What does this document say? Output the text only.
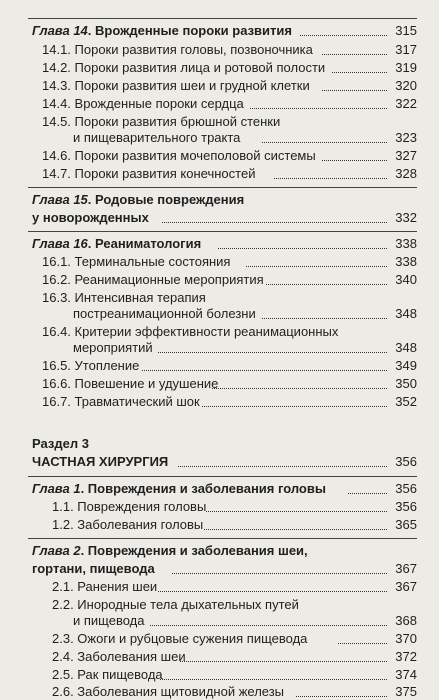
Глава 14. Врожденные пороки развития	315
14.1. Пороки развития головы, позвоночника	317
14.2. Пороки развития лица и ротовой полости	319
14.3. Пороки развития шеи и грудной клетки	320
14.4. Врожденные пороки сердца	322
14.5. Пороки развития брюшной стенки
и пищеварительного тракта	323
14.6. Пороки развития мочеполовой системы	327
14.7. Пороки развития конечностей	328
Глава 15. Родовые повреждения
у новорожденных	332
Глава 16. Реаниматология	338
16.1. Терминальные состояния	338
16.2. Реанимационные мероприятия	340
16.3. Интенсивная терапия
постреанимационной болезни	348
16.4. Критерии эффективности реанимационных
мероприятий	348
16.5. Утопление	349
16.6. Повешение и удушение	350
16.7. Травматический шок	352
Раздел 3
ЧАСТНАЯ ХИРУРГИЯ	356
Глава 1. Повреждения и заболевания головы	356
1.1. Повреждения головы	356
1.2. Заболевания головы	365
Глава 2. Повреждения и заболевания шеи,
гортани, пищевода	367
2.1. Ранения шеи	367
2.2. Инородные тела дыхательных путей
и пищевода	368
2.3. Ожоги и рубцовые сужения пищевода	370
2.4. Заболевания шеи	372
2.5. Рак пищевода	374
2.6. Заболевания щитовидной железы	375
